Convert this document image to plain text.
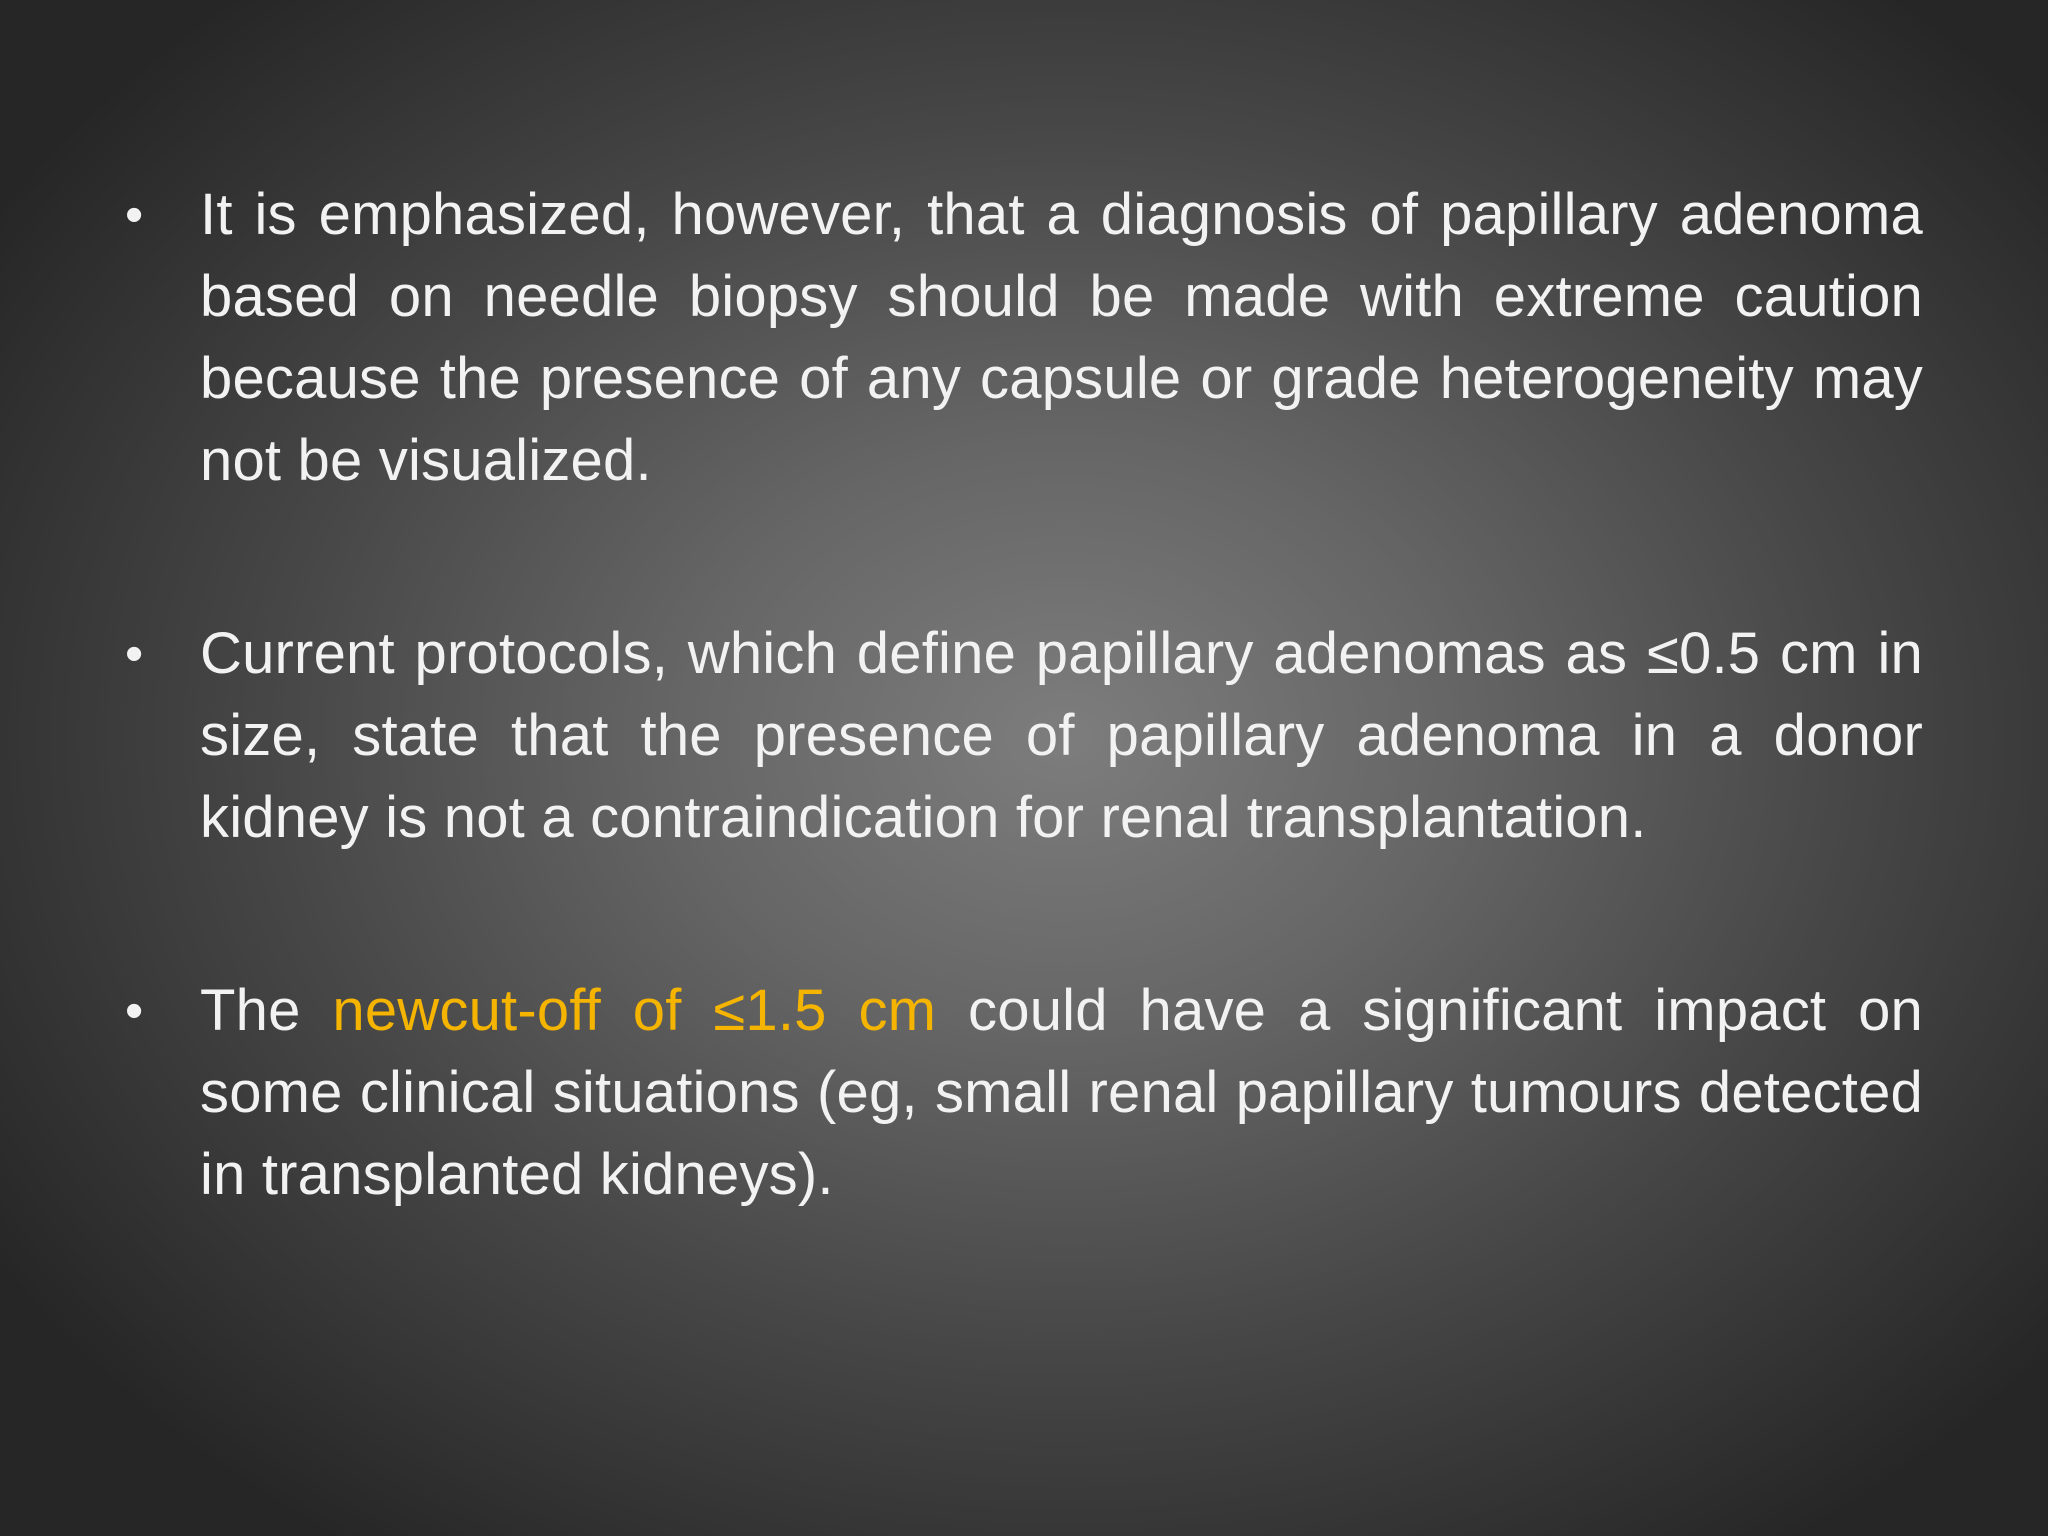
• It is emphasized, however, that a diagnosis of papillary adenoma based on needle biopsy should be made with extreme caution because the presence of any capsule or grade heterogeneity may not be visualized.
• Current protocols, which define papillary adenomas as ≤0.5 cm in size, state that the presence of papillary adenoma in a donor kidney is not a contraindication for renal transplantation.
• The newcut-off of ≤1.5 cm could have a significant impact on some clinical situations (eg, small renal papillary tumours detected in transplanted kidneys).
